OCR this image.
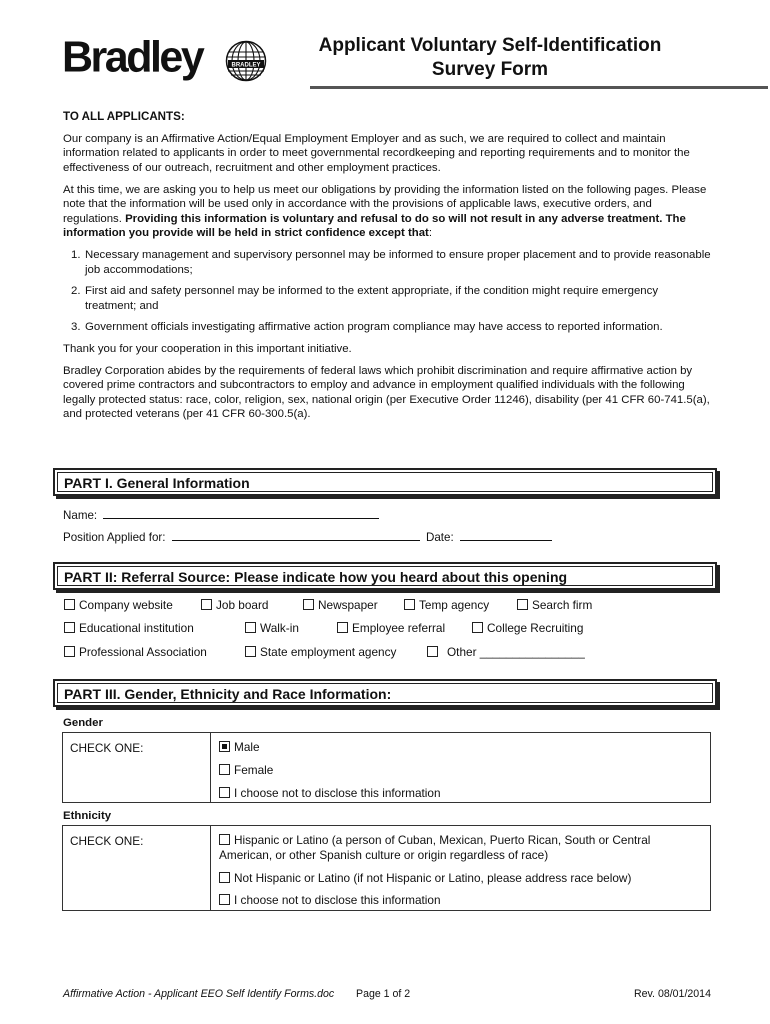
Bradley	BRADLEY
Applicant Voluntary Self-Identification
Survey Form
TO ALL APPLICANTS:

Our company is an Affirmative Action/Equal Employment Employer and as such, we are required to collect and maintain information related to applicants in order to meet governmental recordkeeping and reporting requirements and to monitor the effectiveness of our outreach, recruitment and other employment practices.

At this time, we are asking you to help us meet our obligations by providing the information listed on the following pages. Please note that the information will be used only in accordance with the provisions of applicable laws, executive orders, and regulations. Providing this information is voluntary and refusal to do so will not result in any adverse treatment. The information you provide will be held in strict confidence except that:

1. Necessary management and supervisory personnel may be informed to ensure proper placement and to provide reasonable job accommodations;
2. First aid and safety personnel may be informed to the extent appropriate, if the condition might require emergency treatment; and
3. Government officials investigating affirmative action program compliance may have access to reported information.

Thank you for your cooperation in this important initiative.

Bradley Corporation abides by the requirements of federal laws which prohibit discrimination and require affirmative action by covered prime contractors and subcontractors to employ and advance in employment qualified individuals with the following legally protected status: race, color, religion, sex, national origin (per Executive Order 11246), disability (per 41 CFR 60-741.5(a), and protected veterans (per 41 CFR 60-300.5(a).

PART I. General Information
Name:
Position Applied for:	Date:
PART II: Referral Source: Please indicate how you heard about this opening
Company website	Job board	Newspaper	Temp agency	Search firm
Educational institution	Walk-in	Employee referral	College Recruiting
Professional Association	State employment agency	Other ________________
PART III. Gender, Ethnicity and Race Information:
Gender
CHECK ONE:	Male
Female
I choose not to disclose this information
Ethnicity
CHECK ONE:	Hispanic or Latino (a person of Cuban, Mexican, Puerto Rican, South or Central
American, or other Spanish culture or origin regardless of race)
Not Hispanic or Latino (if not Hispanic or Latino, please address race below)
I choose not to disclose this information
Affirmative Action - Applicant EEO Self Identify Forms.doc Page 1 of 2	Rev. 08/01/2014
